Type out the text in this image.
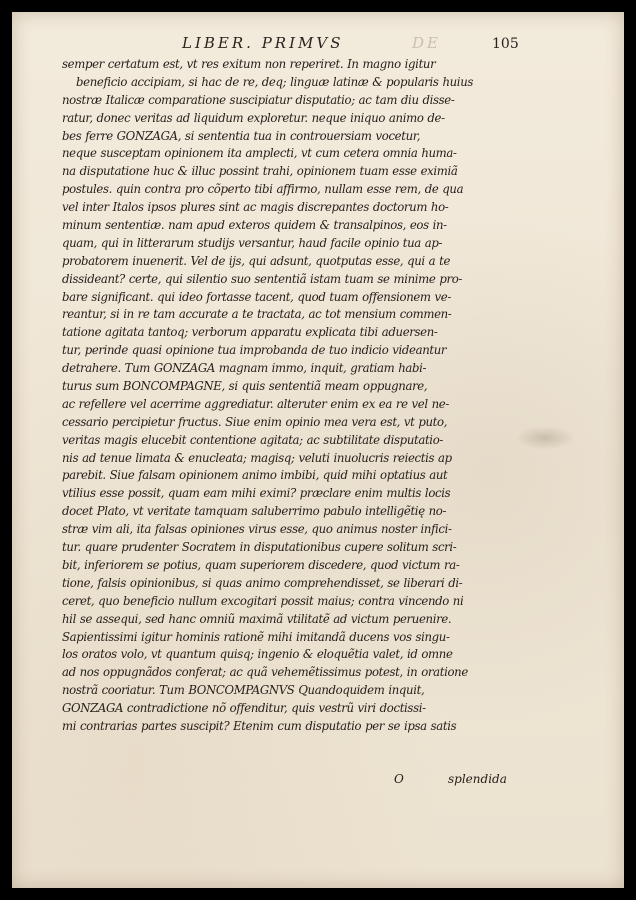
LIBER. PRIMVS	DE	105
semper certatum est, vt res exitum non reperiret. In magno igitur
beneficio accipiam, si hac de re, deq; linguæ latinæ & popularis huius
nostræ Italicæ comparatione suscipiatur disputatio; ac tam diu disse-
ratur, donec veritas ad liquidum exploretur. neque iniquo animo de-
bes ferre GONZAGA, si sententia tua in controuersiam vocetur,
neque susceptam opinionem ita amplecti, vt cum cetera omnia huma-
na disputatione huc & illuc possint trahi, opinionem tuam esse eximiã
postules. quin contra pro cõperto tibi affirmo, nullam esse rem, de qua
vel inter Italos ipsos plures sint ac magis discrepantes doctorum ho-
minum sententiæ. nam apud exteros quidem & transalpinos, eos in-
quam, qui in litterarum studijs versantur, haud facile opinio tua ap-
probatorem inuenerit. Vel de ijs, qui adsunt, quotputas esse, qui a te
dissideant? certe, qui silentio suo sententiã istam tuam se minime pro-
bare significant. qui ideo fortasse tacent, quod tuam offensionem ve-
reantur, si in re tam accurate a te tractata, ac tot mensium commen-
tatione agitata tantoq; verborum apparatu explicata tibi aduersen-
tur, perinde quasi opinione tua improbanda de tuo indicio videantur
detrahere. Tum GONZAGA magnam immo, inquit, gratiam habi-
turus sum BONCOMPAGNE, si quis sententiã meam oppugnare,
ac refellere vel acerrime aggrediatur. alteruter enim ex ea re vel ne-
cessario percipietur fructus. Siue enim opinio mea vera est, vt puto,
veritas magis elucebit contentione agitata; ac subtilitate disputatio-
nis ad tenue limata & enucleata; magisq; veluti inuolucris reiectis ap
parebit. Siue falsam opinionem animo imbibi, quid mihi optatius aut
vtilius esse possit, quam eam mihi eximi? præclare enim multis locis
docet Plato, vt veritate tamquam saluberrimo pabulo intelligẽtię no-
stræ vim ali, ita falsas opiniones virus esse, quo animus noster infici-
tur. quare prudenter Socratem in disputationibus cupere solitum scri-
bit, inferiorem se potius, quam superiorem discedere, quod victum ra-
tione, falsis opinionibus, si quas animo comprehendisset, se liberari di-
ceret, quo beneficio nullum excogitari possit maius; contra vincendo ni
hil se assequi, sed hanc omniũ maximã vtilitatẽ ad victum peruenire.
Sapientissimi igitur hominis rationẽ mihi imitandã ducens vos singu-
los oratos volo, vt quantum quisq; ingenio & eloquẽtia valet, id omne
ad nos oppugnãdos conferat; ac quã vehemẽtissimus potest, in oratione
nostrã cooriatur. Tum BONCOMPAGNVS Quandoquidem inquit,
GONZAGA contradictione nõ offenditur, quis vestrũ viri doctissi-
mi contrarias partes suscipit? Etenim cum disputatio per se ipsa satis
O	splendida
